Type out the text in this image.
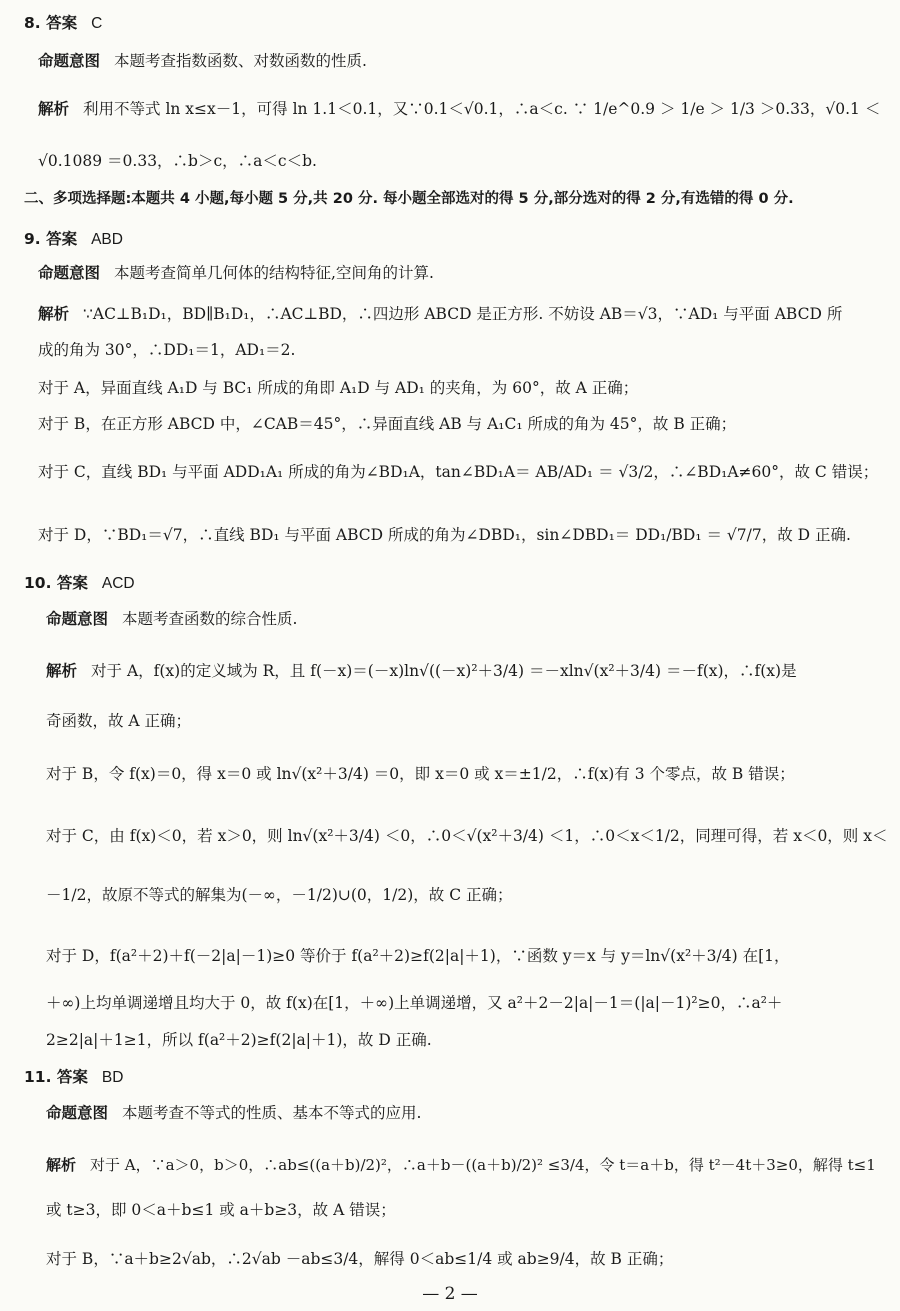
8. 答案 C
命题意图 本题考查指数函数、对数函数的性质.
解析 利用不等式 ln x≤x－1，可得 ln 1.1＜0.1，又∵0.1＜√0.1，∴a＜c. ∵ 1/e^0.9 ＞ 1/e ＞ 1/3 ＞0.33，√0.1 ＜
√0.1089 ＝0.33，∴b＞c，∴a＜c＜b.
二、多项选择题:本题共 4 小题,每小题 5 分,共 20 分. 每小题全部选对的得 5 分,部分选对的得 2 分,有选错的得 0 分.
9. 答案 ABD
命题意图 本题考查简单几何体的结构特征,空间角的计算.
解析 ∵AC⊥B₁D₁，BD∥B₁D₁，∴AC⊥BD，∴四边形 ABCD 是正方形. 不妨设 AB＝√3，∵AD₁ 与平面 ABCD 所
成的角为 30°，∴DD₁＝1，AD₁＝2.
对于 A，异面直线 A₁D 与 BC₁ 所成的角即 A₁D 与 AD₁ 的夹角，为 60°，故 A 正确；
对于 B，在正方形 ABCD 中，∠CAB＝45°，∴异面直线 AB 与 A₁C₁ 所成的角为 45°，故 B 正确；
对于 C，直线 BD₁ 与平面 ADD₁A₁ 所成的角为∠BD₁A，tan∠BD₁A＝ AB/AD₁ ＝ √3/2，∴∠BD₁A≠60°，故 C 错误；
对于 D，∵BD₁＝√7，∴直线 BD₁ 与平面 ABCD 所成的角为∠DBD₁，sin∠DBD₁＝ DD₁/BD₁ ＝ √7/7，故 D 正确.
10. 答案 ACD
命题意图 本题考查函数的综合性质.
解析 对于 A，f(x)的定义域为 R，且 f(－x)＝(－x)ln√((－x)²＋3/4) ＝－xln√(x²＋3/4) ＝－f(x)，∴f(x)是
奇函数，故 A 正确；
对于 B，令 f(x)＝0，得 x＝0 或 ln√(x²＋3/4) ＝0，即 x＝0 或 x＝±1/2，∴f(x)有 3 个零点，故 B 错误；
对于 C，由 f(x)＜0，若 x＞0，则 ln√(x²＋3/4) ＜0，∴0＜√(x²＋3/4) ＜1，∴0＜x＜1/2，同理可得，若 x＜0，则 x＜
－1/2，故原不等式的解集为(－∞，－1/2)∪(0，1/2)，故 C 正确；
对于 D，f(a²＋2)＋f(－2|a|－1)≥0 等价于 f(a²＋2)≥f(2|a|＋1)，∵函数 y＝x 与 y＝ln√(x²＋3/4) 在[1，
＋∞)上均单调递增且均大于 0，故 f(x)在[1，＋∞)上单调递增，又 a²＋2－2|a|－1＝(|a|－1)²≥0，∴a²＋
2≥2|a|＋1≥1，所以 f(a²＋2)≥f(2|a|＋1)，故 D 正确.
11. 答案 BD
命题意图 本题考查不等式的性质、基本不等式的应用.
解析 对于 A，∵a＞0，b＞0，∴ab≤((a＋b)/2)²，∴a＋b－((a＋b)/2)² ≤3/4，令 t＝a＋b，得 t²－4t＋3≥0，解得 t≤1
或 t≥3，即 0＜a＋b≤1 或 a＋b≥3，故 A 错误；
对于 B，∵a＋b≥2√ab，∴2√ab －ab≤3/4，解得 0＜ab≤1/4 或 ab≥9/4，故 B 正确；
— 2 —
